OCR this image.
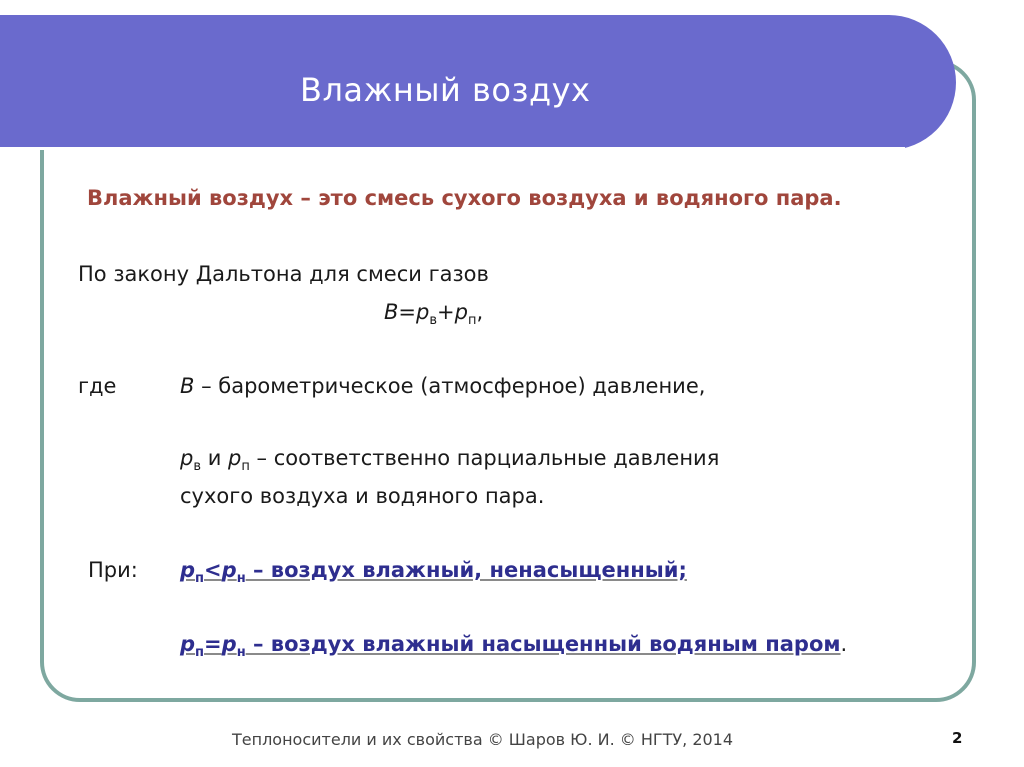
Влажный воздух
Влажный воздух – это смесь сухого воздуха и водяного пара.
По закону Дальтона для смеси газов
$B=p_в+p_п$,
где	B – барометрическое (атмосферное) давление,
$p_в$ и $p_п$ – соответственно парциальные давления
сухого воздуха и водяного пара.
При: $p_п<p_н$ – воздух влажный, ненасыщенный;
$p_п=p_н$ – воздух влажный насыщенный водяным паром.
Теплоносители и их свойства © Шаров Ю. И. © НГТУ, 2014	2
